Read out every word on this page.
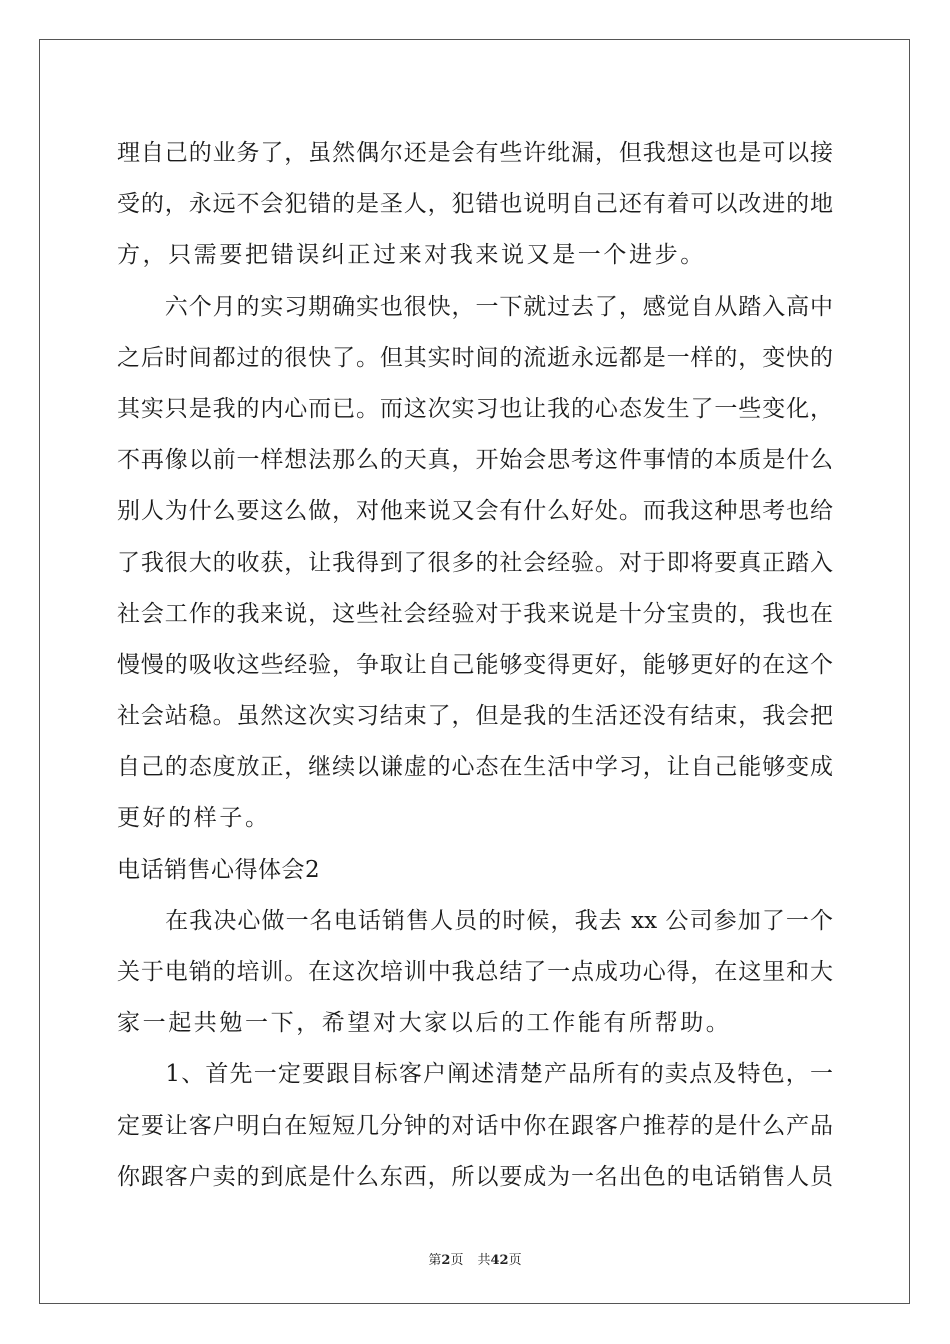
理自己的业务了，虽然偶尔还是会有些许纰漏，但我想这也是可以接
受的，永远不会犯错的是圣人，犯错也说明自己还有着可以改进的地
方，只需要把错误纠正过来对我来说又是一个进步。
　　六个月的实习期确实也很快，一下就过去了，感觉自从踏入高中
之后时间都过的很快了。但其实时间的流逝永远都是一样的，变快的
其实只是我的内心而已。而这次实习也让我的心态发生了一些变化，
不再像以前一样想法那么的天真，开始会思考这件事情的本质是什么
别人为什么要这么做，对他来说又会有什么好处。而我这种思考也给
了我很大的收获，让我得到了很多的社会经验。对于即将要真正踏入
社会工作的我来说，这些社会经验对于我来说是十分宝贵的，我也在
慢慢的吸收这些经验，争取让自己能够变得更好，能够更好的在这个
社会站稳。虽然这次实习结束了，但是我的生活还没有结束，我会把
自己的态度放正，继续以谦虚的心态在生活中学习，让自己能够变成
更好的样子。
电话销售心得体会2
　　在我决心做一名电话销售人员的时候，我去 xx 公司参加了一个
关于电销的培训。在这次培训中我总结了一点成功心得，在这里和大
家一起共勉一下，希望对大家以后的工作能有所帮助。
　　1、首先一定要跟目标客户阐述清楚产品所有的卖点及特色，一
定要让客户明白在短短几分钟的对话中你在跟客户推荐的是什么产品
你跟客户卖的到底是什么东西，所以要成为一名出色的电话销售人员
第2页 共42页
